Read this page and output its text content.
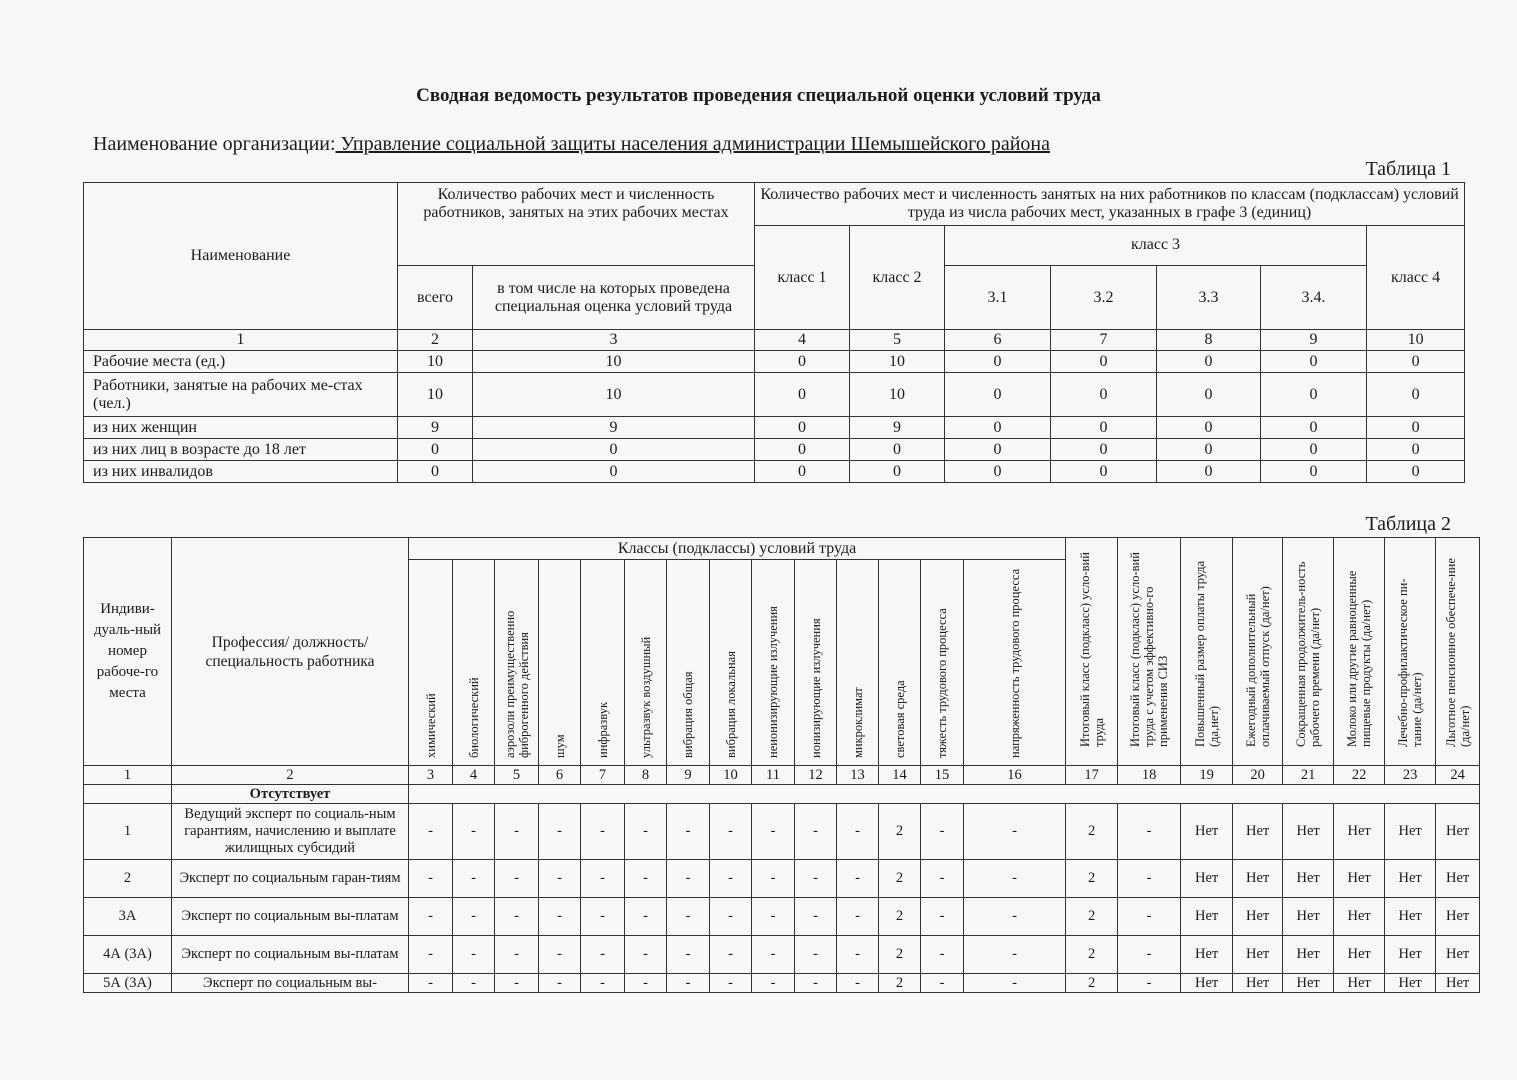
Сводная ведомость результатов проведения специальной оценки условий труда
Наименование организации: Управление социальной защиты населения администрации Шемышейского района
Таблица 1
Наименование	Количество рабочих мест и численность работников, занятых на этих рабочих местах		Количество рабочих мест и численность занятых на них работников по классам (подклассам) условий труда из числа рабочих мест, указанных в графе 3 (единиц)						
			класс 1	класс 2	класс 3				класс 4
	всего	в том числе на которых проведена специальная оценка условий труда			3.1	3.2	3.3	3.4.	
1	2	3	4	5	6	7	8	9	10
Рабочие места (ед.)	10	10	0	10	0	0	0	0	0
Работники, занятые на рабочих ме-стах (чел.)	10	10	0	10	0	0	0	0	0
из них женщин	9	9	0	9	0	0	0	0	0
из них лиц в возрасте до 18 лет	0	0	0	0	0	0	0	0	0
из них инвалидов	0	0	0	0	0	0	0	0	0
Таблица 2
Индиви-дуаль-ный номер рабоче-го места	Профессия/ должность/ специальность работника	Классы (подклассы) условий труда														Итоговый класс (подкласс) усло-вий труда	Итоговый класс (подкласс) усло-вий труда с учетом эффективно-го применения СИЗ	Повышенный размер оплаты труда (да,нет)	Ежегодный дополнительный оплачиваемый отпуск (да/нет)	Сокращенная продолжитель-ность рабочего времени (да/нет)	Молоко или другие равноценные пищевые продукты (да/нет)	Лечебно-профилактическое пи-тание (да/нет)	Льготное пенсионное обеспече-ние (да/нет)
		химический	биологический	аэрозоли преимущественно фиброгенного действия	шум	инфразвук	ультразвук воздушный	вибрация общая	вибрация локальная	неионизирующие излучения	ионизирующие излучения	микроклимат	световая среда	тяжесть трудового процесса	напряженность трудового процесса								
1	2	3	4	5	6	7	8	9	10	11	12	13	14	15	16	17	18	19	20	21	22	23	24
	Отсутствует																						
1	Ведущий эксперт по социаль-ным гарантиям, начислению и выплате жилищных субсидий	-	-	-	-	-	-	-	-	-	-	-	2	-	-	2	-	Нет	Нет	Нет	Нет	Нет	Нет
2	Эксперт по социальным гаран-тиям	-	-	-	-	-	-	-	-	-	-	-	2	-	-	2	-	Нет	Нет	Нет	Нет	Нет	Нет
3А	Эксперт по социальным вы-платам	-	-	-	-	-	-	-	-	-	-	-	2	-	-	2	-	Нет	Нет	Нет	Нет	Нет	Нет
4А (3А)	Эксперт по социальным вы-платам	-	-	-	-	-	-	-	-	-	-	-	2	-	-	2	-	Нет	Нет	Нет	Нет	Нет	Нет
5А (3А)	Эксперт по социальным вы-	-	-	-	-	-	-	-	-	-	-	-	2	-	-	2	-	Нет	Нет	Нет	Нет	Нет	Нет
